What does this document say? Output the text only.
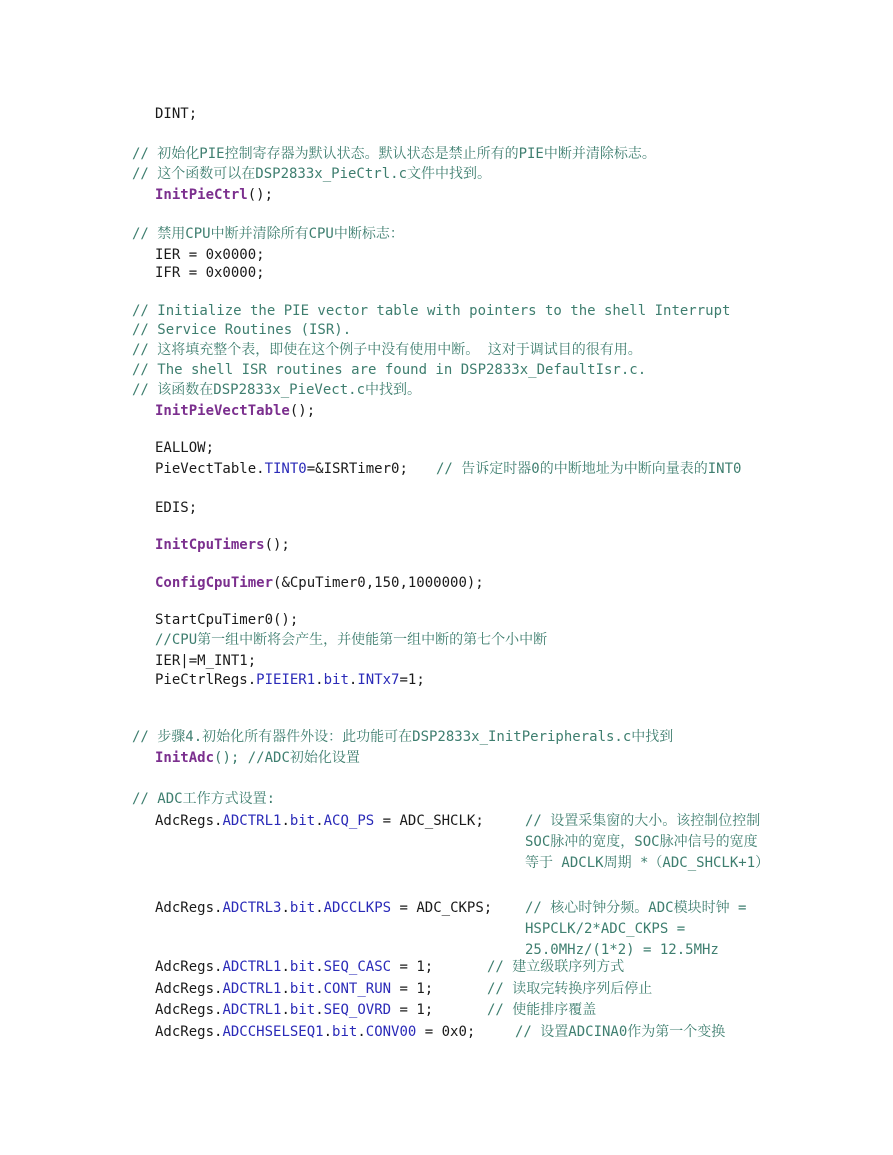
DINT;
// 初始化PIE控制寄存器为默认状态。默认状态是禁止所有的PIE中断并清除标志。
// 这个函数可以在DSP2833x_PieCtrl.c文件中找到。
InitPieCtrl();
// 禁用CPU中断并清除所有CPU中断标志：
IER = 0x0000;
IFR = 0x0000;
// Initialize the PIE vector table with pointers to the shell Interrupt
// Service Routines (ISR).
// 这将填充整个表，即使在这个例子中没有使用中断。 这对于调试目的很有用。
// The shell ISR routines are found in DSP2833x_DefaultIsr.c.
// 该函数在DSP2833x_PieVect.c中找到。
InitPieVectTable();
EALLOW;
PieVectTable.TINT0=&ISRTimer0; // 告诉定时器0的中断地址为中断向量表的INT0
EDIS;
InitCpuTimers();
ConfigCpuTimer(&CpuTimer0,150,1000000);
StartCpuTimer0();
//CPU第一组中断将会产生，并使能第一组中断的第七个小中断
IER|=M_INT1;
PieCtrlRegs.PIEIER1.bit.INTx7=1;
// 步骤4.初始化所有器件外设：此功能可在DSP2833x_InitPeripherals.c中找到
InitAdc(); //ADC初始化设置
// ADC工作方式设置:
AdcRegs.ADCTRL1.bit.ACQ_PS = ADC_SHCLK;	// 设置采集窗的大小。该控制位控制SOC脉冲的宽度，SOC脉冲信号的宽度等于 ADCLK周期 *（ADC_SHCLK+1）
AdcRegs.ADCTRL3.bit.ADCCLKPS = ADC_CKPS; // 核心时钟分频。ADC模块时钟 = HSPCLK/2*ADC_CKPS = 25.0MHz/(1*2) = 12.5MHz
AdcRegs.ADCTRL1.bit.SEQ_CASC = 1;	// 建立级联序列方式
AdcRegs.ADCTRL1.bit.CONT_RUN = 1;	// 读取完转换序列后停止
AdcRegs.ADCTRL1.bit.SEQ_OVRD = 1;	// 使能排序覆盖
AdcRegs.ADCCHSELSEQ1.bit.CONV00 = 0x0;	// 设置ADCINA0作为第一个变换
